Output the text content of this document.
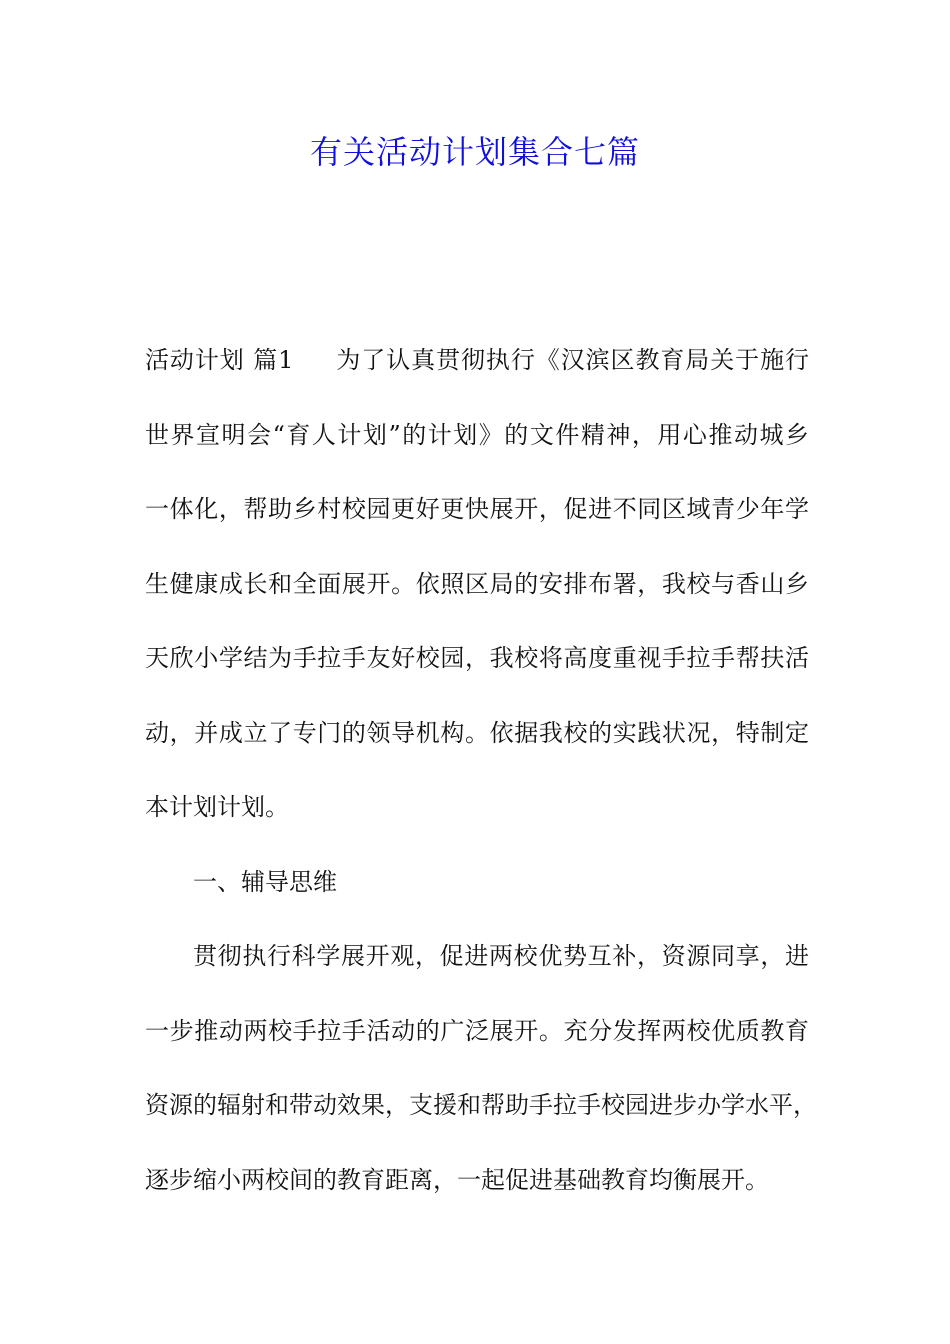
有关活动计划集合七篇
活动计划 篇1 为了认真贯彻执行《汉滨区教育局关于施行
世界宣明会“育人计划”的计划》的文件精神，用心推动城乡
一体化，帮助乡村校园更好更快展开，促进不同区域青少年学
生健康成长和全面展开。依照区局的安排布署，我校与香山乡
天欣小学结为手拉手友好校园，我校将高度重视手拉手帮扶活
动，并成立了专门的领导机构。依据我校的实践状况，特制定
本计划计划。
一、辅导思维
贯彻执行科学展开观，促进两校优势互补，资源同享，进
一步推动两校手拉手活动的广泛展开。充分发挥两校优质教育
资源的辐射和带动效果，支援和帮助手拉手校园进步办学水平，
逐步缩小两校间的教育距离，一起促进基础教育均衡展开。
